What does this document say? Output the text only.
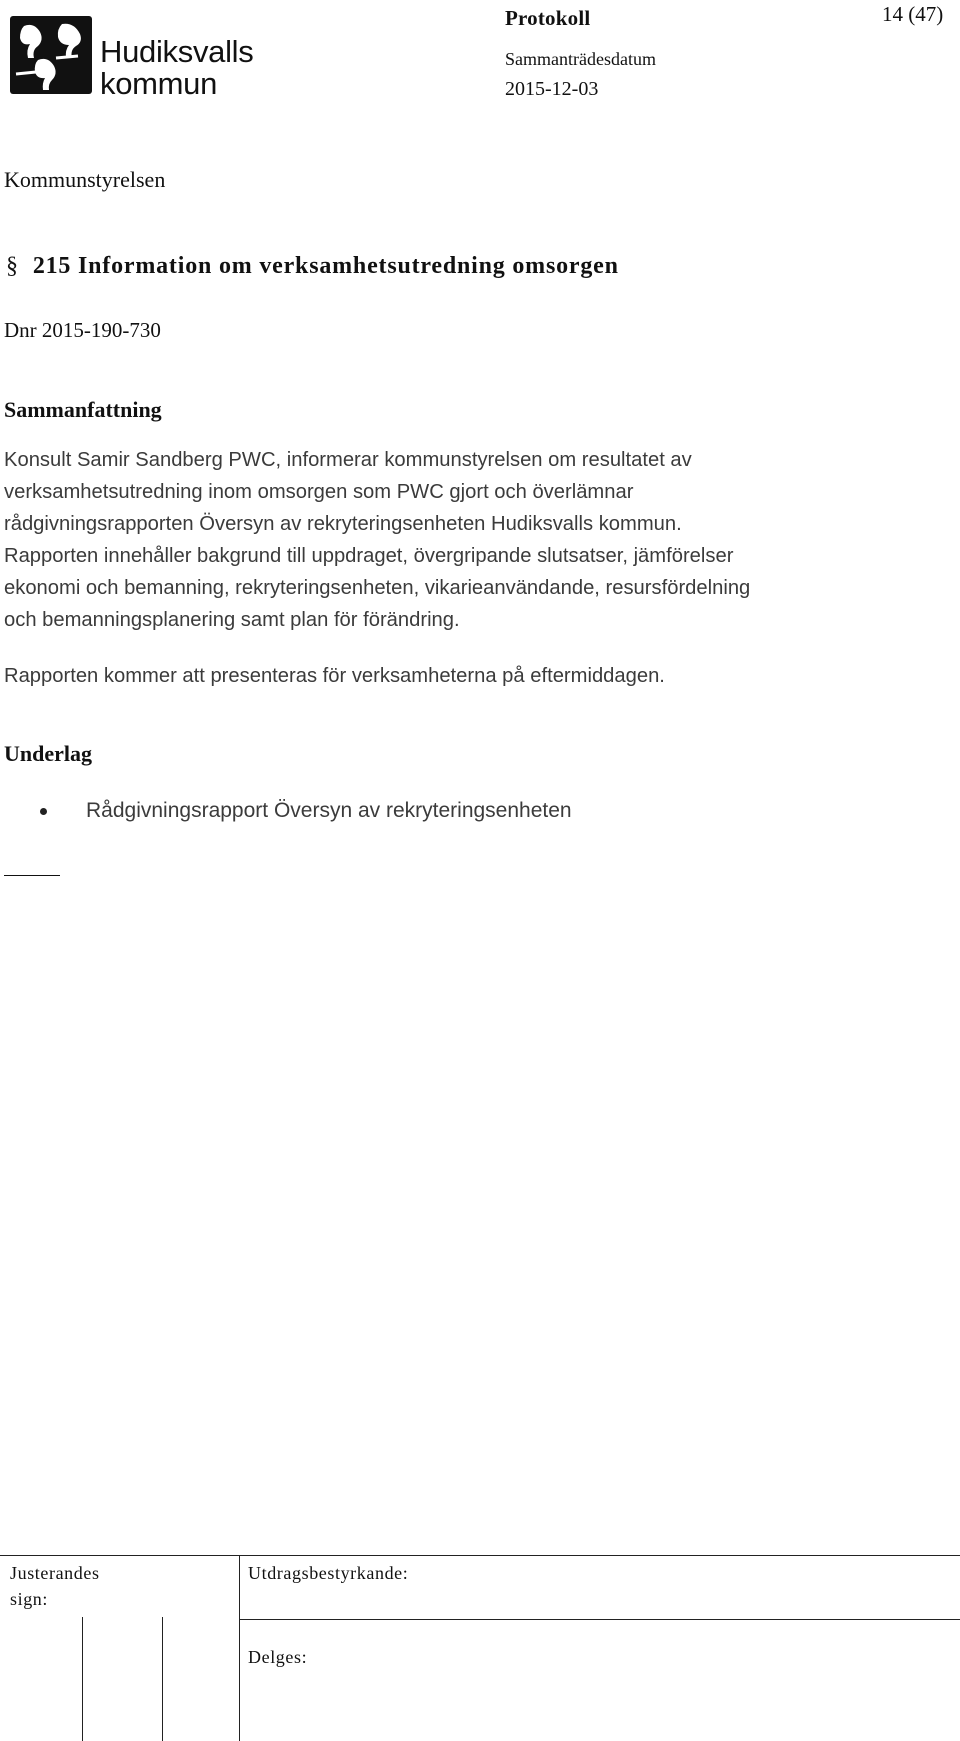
Hudiksvalls
kommun
Protokoll	14 (47)
Sammanträdesdatum
2015-12-03
Kommunstyrelsen
§ 215 Information om verksamhetsutredning omsorgen
Dnr 2015-190-730
Sammanfattning
Konsult Samir Sandberg PWC, informerar kommunstyrelsen om resultatet av
verksamhetsutredning inom omsorgen som PWC gjort och överlämnar
rådgivningsrapporten Översyn av rekryteringsenheten Hudiksvalls kommun.
Rapporten innehåller bakgrund till uppdraget, övergripande slutsatser, jämförelser
ekonomi och bemanning, rekryteringsenheten, vikarieanvändande, resursfördelning
och bemanningsplanering samt plan för förändring.
Rapporten kommer att presenteras för verksamheterna på eftermiddagen.
Underlag
Rådgivningsrapport Översyn av rekryteringsenheten
Justerandes
sign:
Utdragsbestyrkande:
Delges:
